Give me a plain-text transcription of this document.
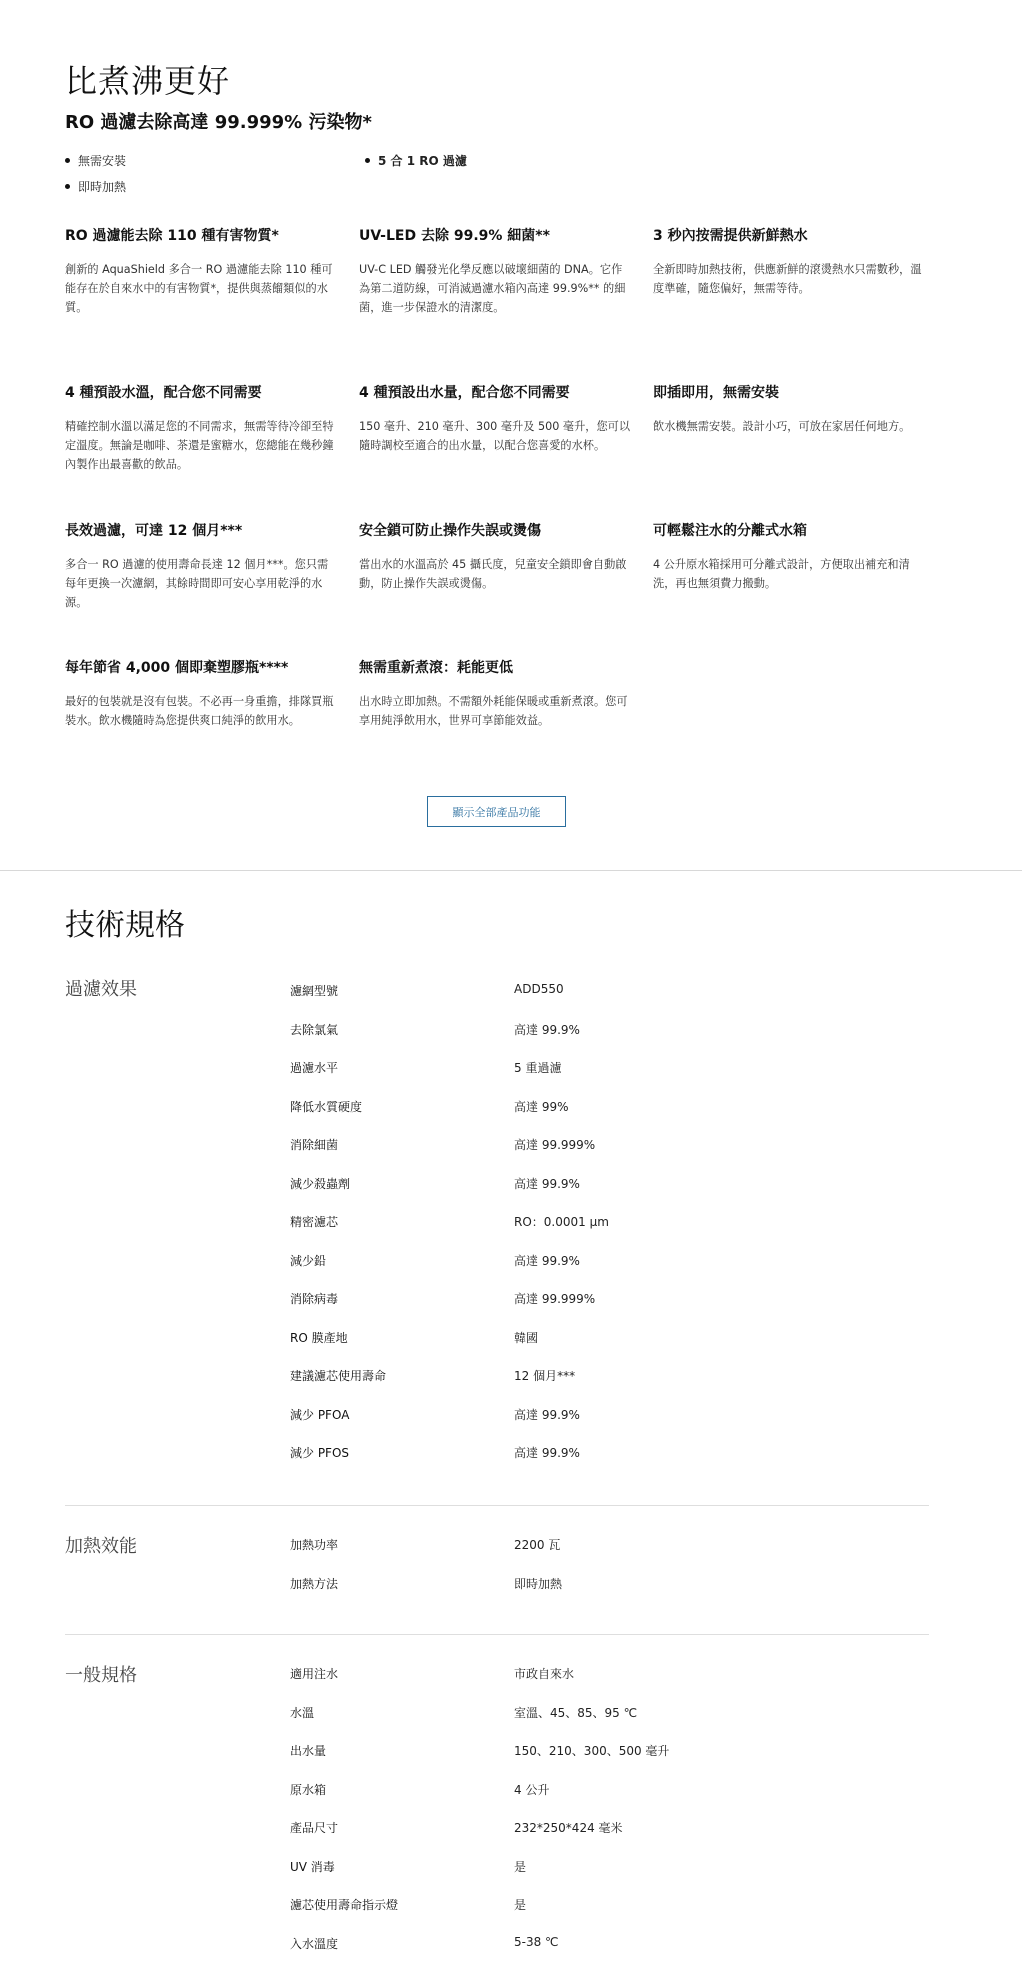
比煮沸更好
RO 過濾去除高達 99.999% 污染物*
無需安裝	5 合 1 RO 過濾
即時加熱
RO 過濾能去除 110 種有害物質*
創新的 AquaShield 多合一 RO 過濾能去除 110 種可能存在於自來水中的有害物質*，提供與蒸餾類似的水質。
UV-LED 去除 99.9% 細菌**
UV-C LED 觸發光化學反應以破壞細菌的 DNA。它作為第二道防線，可消滅過濾水箱內高達 99.9%** 的細菌，進一步保證水的清潔度。
3 秒內按需提供新鮮熱水
全新即時加熱技術，供應新鮮的滾燙熱水只需數秒，溫度準確，隨您偏好，無需等待。
4 種預設水溫，配合您不同需要
精確控制水溫以滿足您的不同需求，無需等待冷卻至特定溫度。無論是咖啡、茶還是蜜糖水，您總能在幾秒鐘內製作出最喜歡的飲品。
4 種預設出水量，配合您不同需要
150 毫升、210 毫升、300 毫升及 500 毫升，您可以隨時調校至適合的出水量，以配合您喜愛的水杯。
即插即用，無需安裝
飲水機無需安裝。設計小巧，可放在家居任何地方。
長效過濾，可達 12 個月***
多合一 RO 過濾的使用壽命長達 12 個月***。您只需每年更換一次濾網，其餘時間即可安心享用乾淨的水源。
安全鎖可防止操作失誤或燙傷
當出水的水溫高於 45 攝氏度，兒童安全鎖即會自動啟動，防止操作失誤或燙傷。
可輕鬆注水的分離式水箱
4 公升原水箱採用可分離式設計，方便取出補充和清洗，再也無須費力搬動。
每年節省 4,000 個即棄塑膠瓶****
最好的包裝就是沒有包裝。不必再一身重擔，排隊買瓶裝水。飲水機隨時為您提供爽口純淨的飲用水。
無需重新煮滾：耗能更低
出水時立即加熱。不需額外耗能保暖或重新煮滾。您可享用純淨飲用水，世界可享節能效益。
顯示全部產品功能
技術規格
過濾效果	濾網型號	ADD550
去除氯氣	高達 99.9%
過濾水平	5 重過濾
降低水質硬度	高達 99%
消除細菌	高達 99.999%
減少殺蟲劑	高達 99.9%
精密濾芯	RO：0.0001 μm
減少鉛	高達 99.9%
消除病毒	高達 99.999%
RO 膜產地	韓國
建議濾芯使用壽命	12 個月***
減少 PFOA	高達 99.9%
減少 PFOS	高達 99.9%
加熱效能	加熱功率	2200 瓦
加熱方法	即時加熱
一般規格	適用注水	市政自來水
水溫	室溫、45、85、95 ℃
出水量	150、210、300、500 毫升
原水箱	4 公升
產品尺寸	232*250*424 毫米
UV 消毒	是
濾芯使用壽命指示燈	是
入水溫度	5-38 ℃
